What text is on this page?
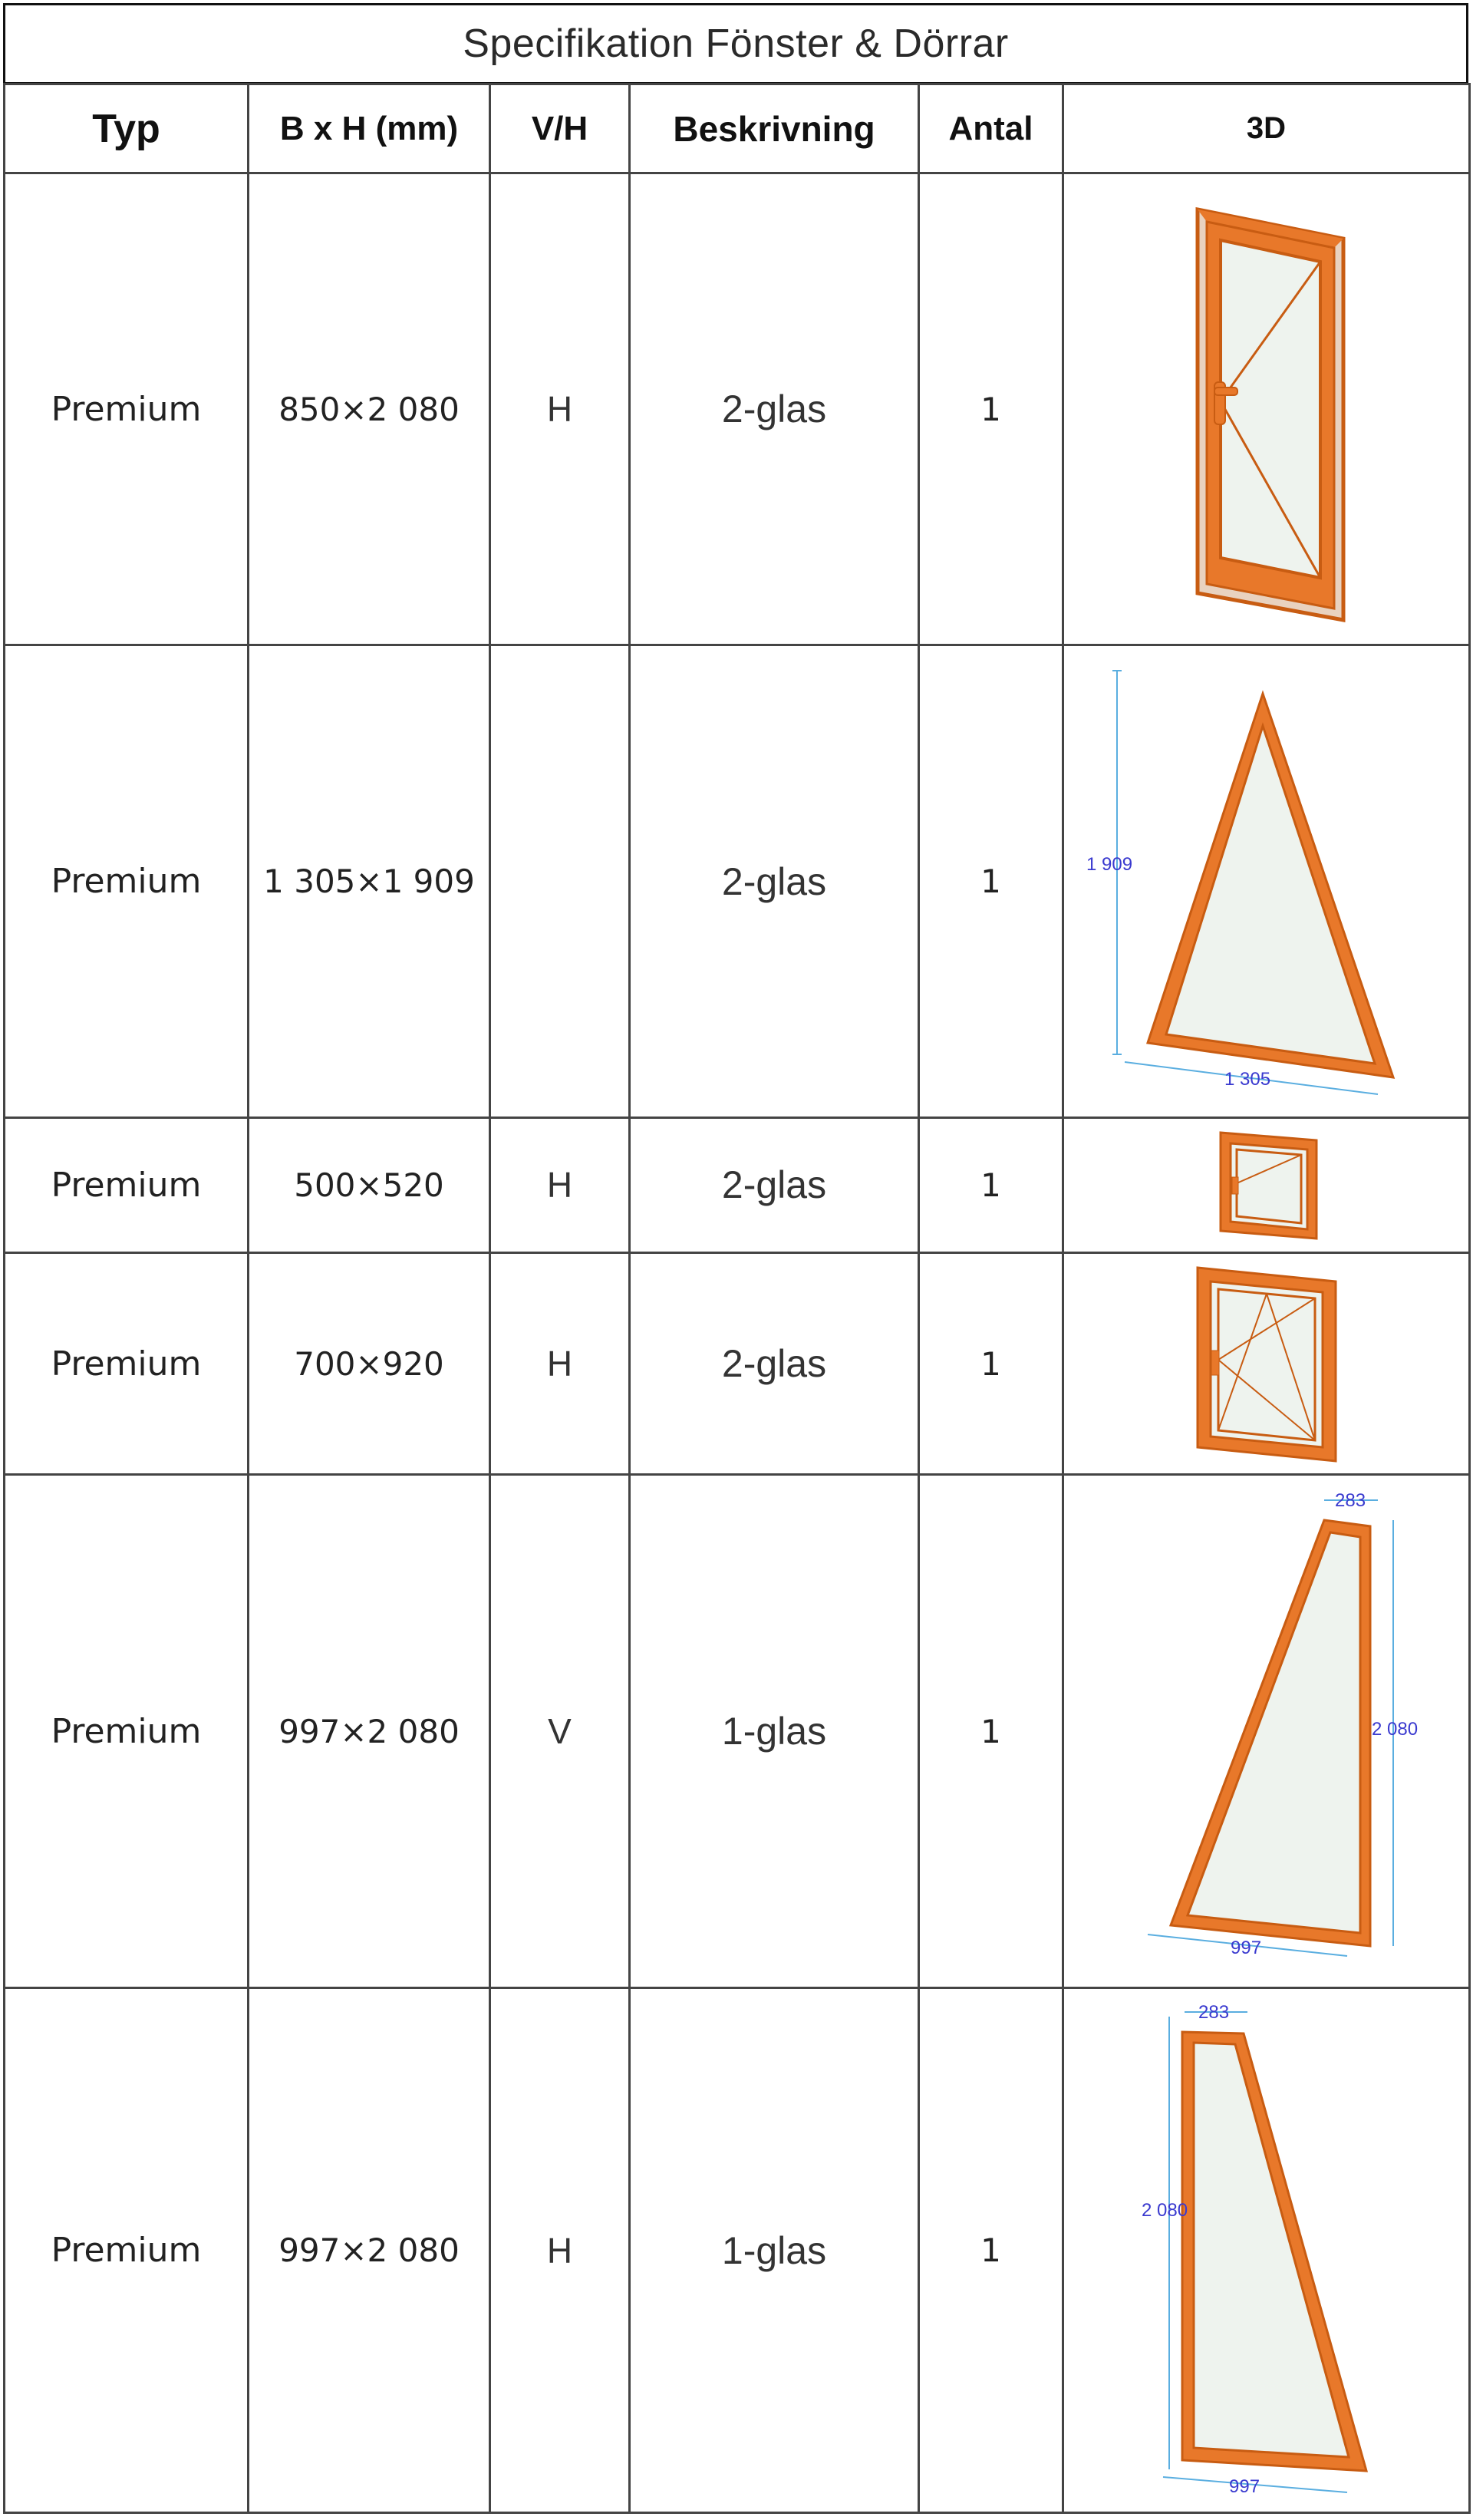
Specifikation Fönster & Dörrar
Typ	B x H (mm)	V/H	Beskrivning	Antal	3D
Premium	850×2 080	H	2-glas	1	

Premium	1 305×1 909		2-glas	1	1 909
1 305

Premium	500×520	H	2-glas	1	

Premium	700×920	H	2-glas	1	

Premium	997×2 080	V	1-glas	1	283
2 080
997

Premium	997×2 080	H	1-glas	1	283
2 080
997
